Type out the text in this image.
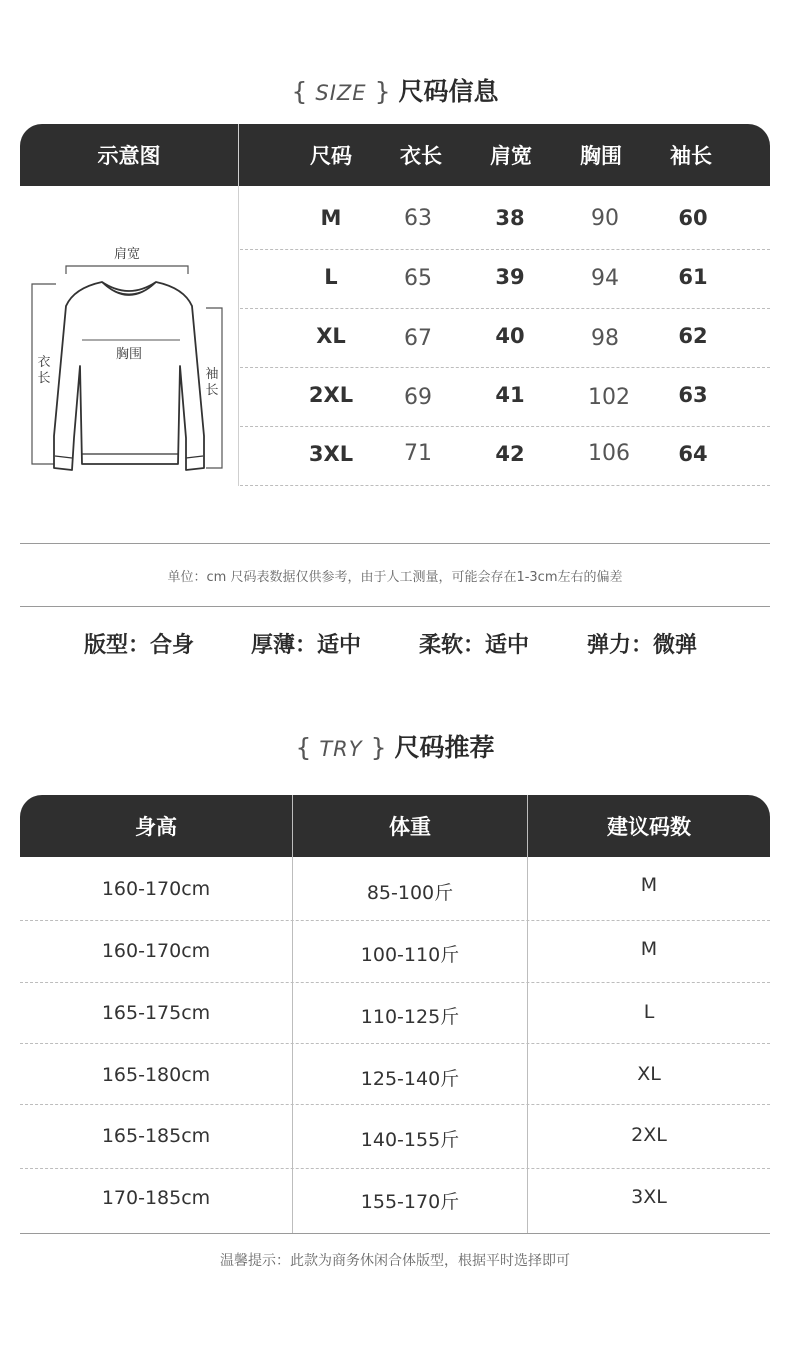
{ SIZE } 尺码信息
示意图	尺码	衣长	肩宽	胸围	袖长
肩宽
衣
长	袖
长
胸围
M	63	38	90	60
L	65	39	94	61
XL	67	40	98	62
2XL	69	41	102	63
3XL	71	42	106	64
单位：cm 尺码表数据仅供参考，由于人工测量，可能会存在1-3cm左右的偏差
版型：合身	厚薄：适中	柔软：适中	弹力：微弹
{ TRY } 尺码推荐
身高	体重	建议码数
160-170cm	85-100斤	M
160-170cm	100-110斤	M
165-175cm	110-125斤	L
165-180cm	125-140斤	XL
165-185cm	140-155斤	2XL
170-185cm	155-170斤	3XL
温馨提示：此款为商务休闲合体版型，根据平时选择即可
